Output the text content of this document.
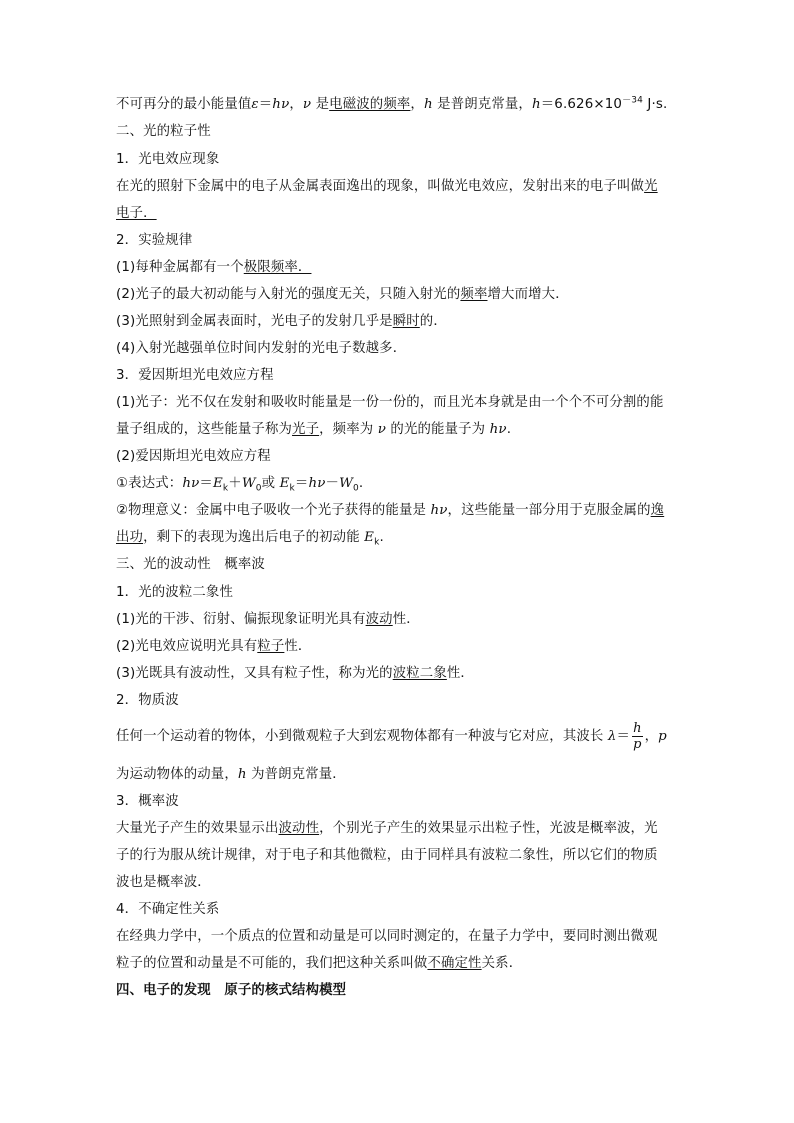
不可再分的最小能量值ε＝hν，ν 是电磁波的频率，h 是普朗克常量，$h=6.626\times 10^{-34}$ J·s.
二、光的粒子性
1．光电效应现象
在光的照射下金属中的电子从金属表面逸出的现象，叫做光电效应，发射出来的电子叫做光
电子．
2．实验规律
(1)每种金属都有一个极限频率．
(2)光子的最大初动能与入射光的强度无关，只随入射光的频率增大而增大．
(3)光照射到金属表面时，光电子的发射几乎是瞬时的．
(4)入射光越强单位时间内发射的光电子数越多．
3．爱因斯坦光电效应方程
(1)光子：光不仅在发射和吸收时能量是一份一份的，而且光本身就是由一个个不可分割的能
量子组成的，这些能量子称为光子，频率为 ν 的光的能量子为 hν.
(2)爱因斯坦光电效应方程
①表达式：$h\nu=E_k+W_0$或 $E_k=h\nu-W_0$.
②物理意义：金属中电子吸收一个光子获得的能量是 hν，这些能量一部分用于克服金属的逸
出功，剩下的表现为逸出后电子的初动能 $E_k$.
三、光的波动性　概率波
1．光的波粒二象性
(1)光的干涉、衍射、偏振现象证明光具有波动性．
(2)光电效应说明光具有粒子性．
(3)光既具有波动性，又具有粒子性，称为光的波粒二象性．
2．物质波
任何一个运动着的物体，小到微观粒子大到宏观物体都有一种波与它对应，其波长 $\lambda= \frac{h}{p}$ ，p
为运动物体的动量，h 为普朗克常量．
3．概率波
大量光子产生的效果显示出波动性，个别光子产生的效果显示出粒子性，光波是概率波，光
子的行为服从统计规律，对于电子和其他微粒，由于同样具有波粒二象性，所以它们的物质
波也是概率波．
4．不确定性关系
在经典力学中，一个质点的位置和动量是可以同时测定的，在量子力学中，要同时测出微观
粒子的位置和动量是不可能的，我们把这种关系叫做不确定性关系．
四、电子的发现　原子的核式结构模型
